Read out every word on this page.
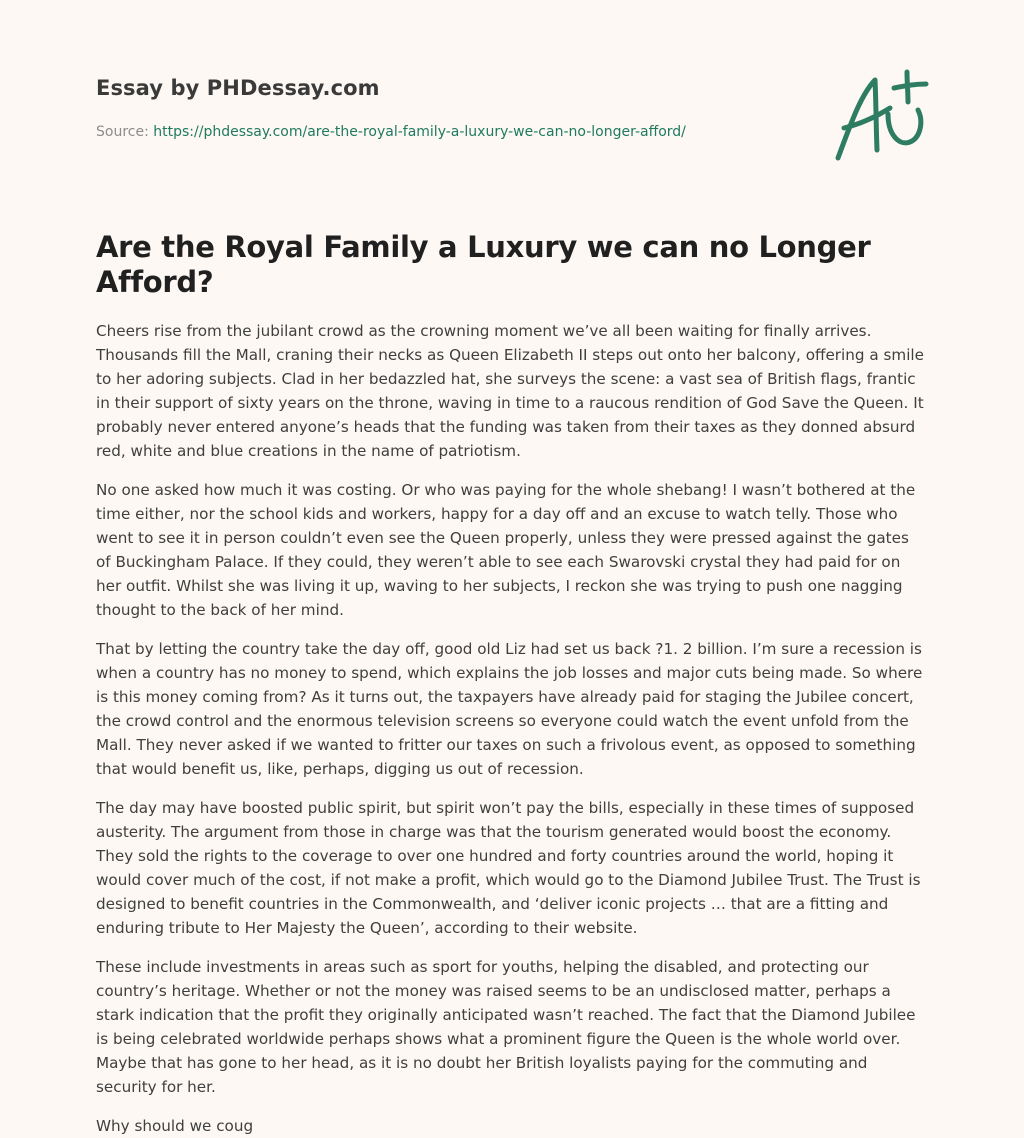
Essay by PHDessay.com
Source: https://phdessay.com/are-the-royal-family-a-luxury-we-can-no-longer-afford/
Are the Royal Family a Luxury we can no Longer Afford?

Cheers rise from the jubilant crowd as the crowning moment we’ve all been waiting for finally arrives. Thousands fill the Mall, craning their necks as Queen Elizabeth II steps out onto her balcony, offering a smile to her adoring subjects. Clad in her bedazzled hat, she surveys the scene: a vast sea of British flags, frantic in their support of sixty years on the throne, waving in time to a raucous rendition of God Save the Queen. It probably never entered anyone’s heads that the funding was taken from their taxes as they donned absurd red, white and blue creations in the name of patriotism.

No one asked how much it was costing. Or who was paying for the whole shebang! I wasn’t bothered at the time either, nor the school kids and workers, happy for a day off and an excuse to watch telly. Those who went to see it in person couldn’t even see the Queen properly, unless they were pressed against the gates of Buckingham Palace. If they could, they weren’t able to see each Swarovski crystal they had paid for on her outfit. Whilst she was living it up, waving to her subjects, I reckon she was trying to push one nagging thought to the back of her mind.

That by letting the country take the day off, good old Liz had set us back ?1. 2 billion. I’m sure a recession is when a country has no money to spend, which explains the job losses and major cuts being made. So where is this money coming from? As it turns out, the taxpayers have already paid for staging the Jubilee concert, the crowd control and the enormous television screens so everyone could watch the event unfold from the Mall. They never asked if we wanted to fritter our taxes on such a frivolous event, as opposed to something that would benefit us, like, perhaps, digging us out of recession.

The day may have boosted public spirit, but spirit won’t pay the bills, especially in these times of supposed austerity. The argument from those in charge was that the tourism generated would boost the economy. They sold the rights to the coverage to over one hundred and forty countries around the world, hoping it would cover much of the cost, if not make a profit, which would go to the Diamond Jubilee Trust. The Trust is designed to benefit countries in the Commonwealth, and ‘deliver iconic projects … that are a fitting and enduring tribute to Her Majesty the Queen’, according to their website.

These include investments in areas such as sport for youths, helping the disabled, and protecting our country’s heritage. Whether or not the money was raised seems to be an undisclosed matter, perhaps a stark indication that the profit they originally anticipated wasn’t reached. The fact that the Diamond Jubilee is being celebrated worldwide perhaps shows what a prominent figure the Queen is the whole world over. Maybe that has gone to her head, as it is no doubt her British loyalists paying for the commuting and security for her.

Why should we coug
